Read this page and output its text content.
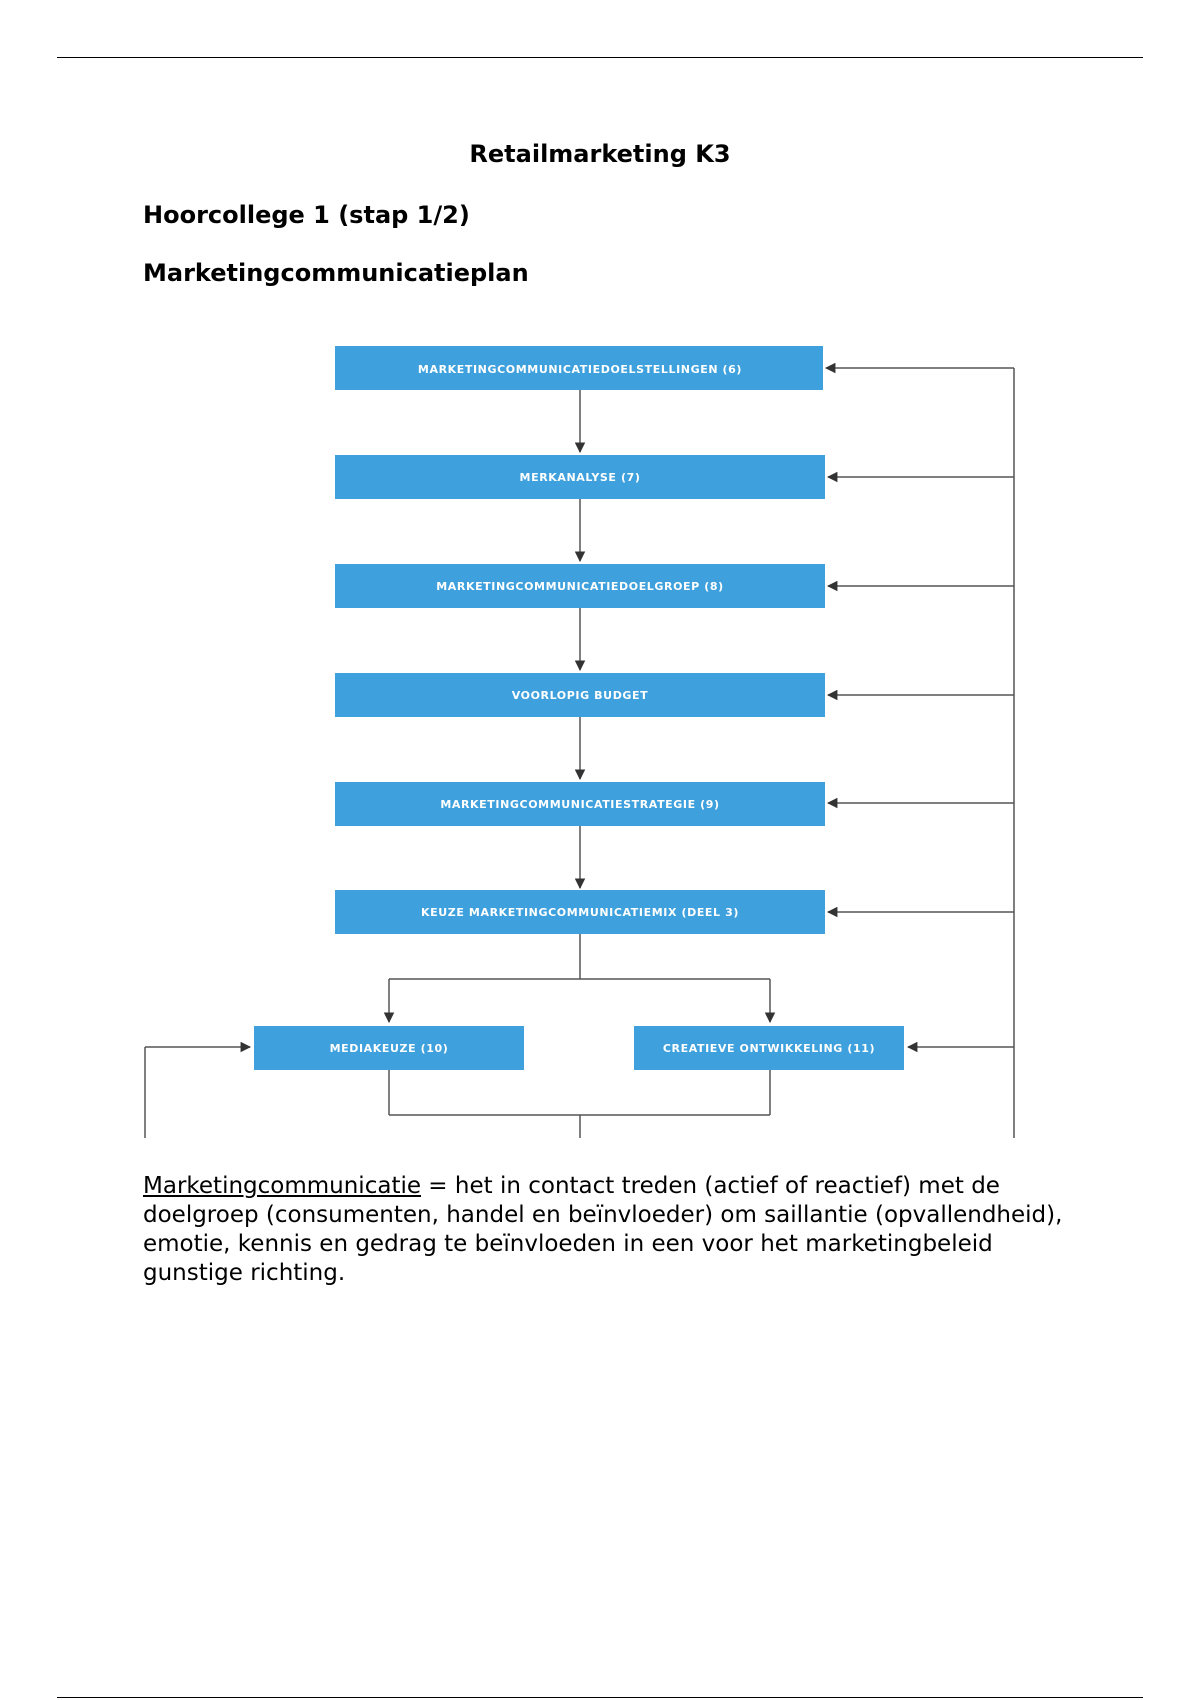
Retailmarketing K3
Hoorcollege 1 (stap 1/2)
Marketingcommunicatieplan
MARKETINGCOMMUNICATIEDOELSTELLINGEN (6)
MERKANALYSE (7)
MARKETINGCOMMUNICATIEDOELGROEP (8)
VOORLOPIG BUDGET
MARKETINGCOMMUNICATIESTRATEGIE (9)
KEUZE MARKETINGCOMMUNICATIEMIX (DEEL 3)
MEDIAKEUZE (10)	CREATIEVE ONTWIKKELING (11)

Marketingcommunicatie = het in contact treden (actief of reactief) met de doelgroep (consumenten, handel en beïnvloeder) om saillantie (opvallendheid), emotie, kennis en gedrag te beïnvloeden in een voor het marketingbeleid gunstige richting.
